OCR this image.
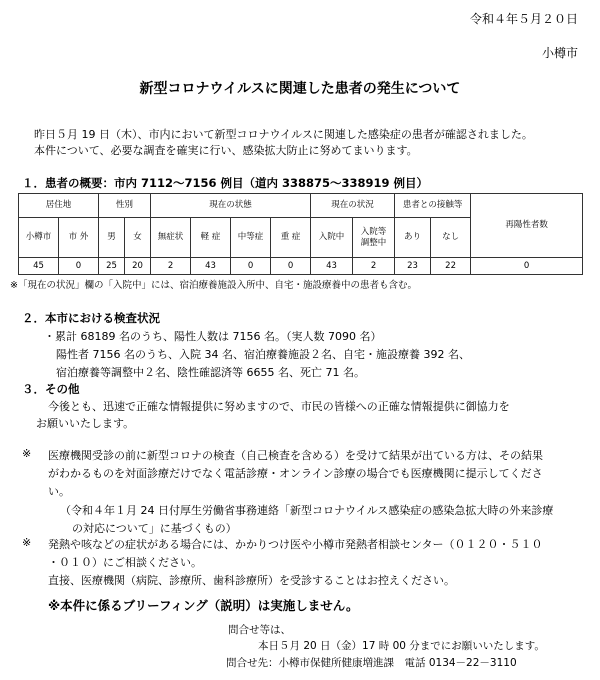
令和４年５月２０日
小樽市
新型コロナウイルスに関連した患者の発生について
昨日５月 19 日（木）、市内において新型コロナウイルスに関連した感染症の患者が確認されました。
本件について、必要な調査を確実に行い、感染拡大防止に努めてまいります。
１．患者の概要：市内 7112～7156 例目（道内 338875～338919 例目）
居住地		性別		現在の状態				現在の状況		患者との接触等		再陽性者数
小樽市	市 外	男	女	無症状	軽 症	中等症	重 症	入院中	入院等
調整中	あり	なし	
45	0	25	20	2	43	0	0	43	2	23	22	0
※「現在の状況」欄の「入院中」には、宿泊療養施設入所中、自宅・施設療養中の患者も含む。
２．本市における検査状況
・累計 68189 名のうち、陽性人数は 7156 名。（実人数 7090 名）
陽性者 7156 名のうち、入院 34 名、宿泊療養施設２名、自宅・施設療養 392 名、
宿泊療養等調整中２名、陰性確認済等 6655 名、死亡 71 名。
３．その他
今後とも、迅速で正確な情報提供に努めますので、市民の皆様への正確な情報提供に御協力を
お願いいたします。
※ 医療機関受診の前に新型コロナの検査（自己検査を含める）を受けて結果が出ている方は、その結果
がわかるものを対面診療だけでなく電話診療・オンライン診療の場合でも医療機関に提示してくださ
い。
（令和４年１月 24 日付厚生労働省事務連絡「新型コロナウイルス感染症の感染急拡大時の外来診療
の対応について」に基づくもの）
※ 発熱や咳などの症状がある場合には、かかりつけ医や小樽市発熱者相談センター（０１２０・５１０
・０１０）にご相談ください。
直接、医療機関（病院、診療所、歯科診療所）を受診することはお控えください。
※本件に係るブリーフィング（説明）は実施しません。
問合せ等は、
本日５月 20 日（金）17 時 00 分までにお願いいたします。
問合せ先：小樽市保健所健康増進課　電話 0134－22－3110
